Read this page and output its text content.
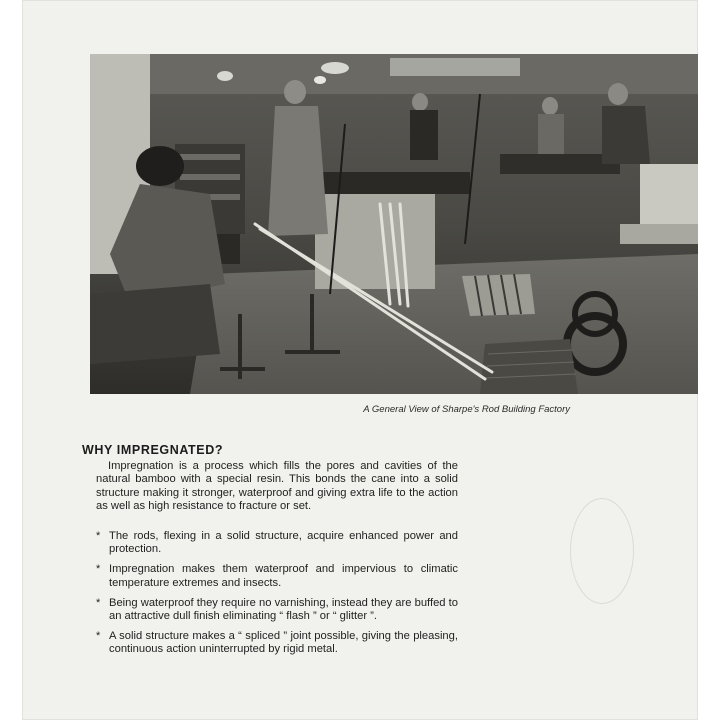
A General View of Sharpe's Rod Building Factory
WHY IMPREGNATED?
Impregnation is a process which fills the pores and cavities of the natural bamboo with a special resin. This bonds the cane into a solid structure making it stronger, waterproof and giving extra life to the action as well as high resistance to fracture or set.
* The rods, flexing in a solid structure, acquire enhanced power and protection.
* Impregnation makes them waterproof and impervious to climatic temperature extremes and insects.
* Being waterproof they require no varnishing, instead they are buffed to an attractive dull finish eliminating “ flash ” or “ glitter ”.
* A solid structure makes a “ spliced ” joint possible, giving the pleasing, continuous action uninterrupted by rigid metal.
